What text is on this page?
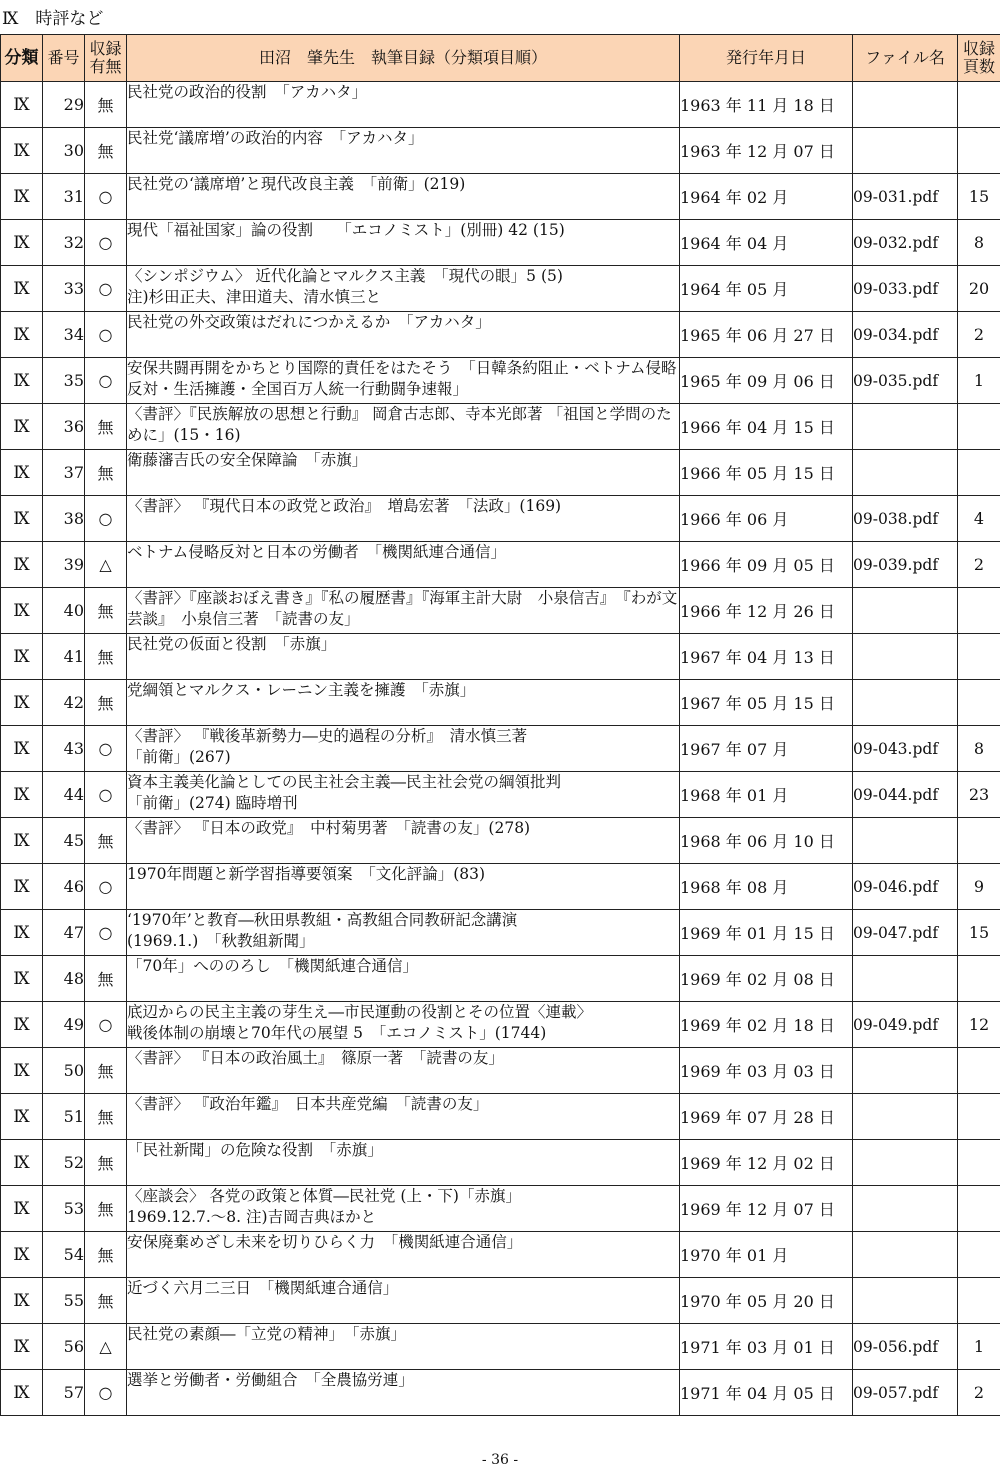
Ⅸ　時評など
分類	番号	収録有無	田沼　肇先生　執筆目録（分類項目順）	発行年月日	ファイル名	収録頁数
Ⅸ	29	無	民社党の政治的役割　「アカハタ」	1963 年 11 月 18 日		
Ⅸ	30	無	民社党‘議席増’の政治的内容　「アカハタ」	1963 年 12 月 07 日		
Ⅸ	31	○	民社党の‘議席増’と現代改良主義　「前衛」(219)	1964 年 02 月	09-031.pdf	15
Ⅸ	32	○	現代「福祉国家」論の役割　　「エコノミスト」(別冊) 42 (15)	1964 年 04 月	09-032.pdf	8
Ⅸ	33	○	〈シンポジウム〉 近代化論とマルクス主義　「現代の眼」5 (5)
注)杉田正夫、津田道夫、清水慎三と	1964 年 05 月	09-033.pdf	20
Ⅸ	34	○	民社党の外交政策はだれにつかえるか　「アカハタ」	1965 年 06 月 27 日	09-034.pdf	2
Ⅸ	35	○	安保共闘再開をかちとり国際的責任をはたそう　「日韓条約阻止・ベトナム侵略反対・生活擁護・全国百万人統一行動闘争速報」	1965 年 09 月 06 日	09-035.pdf	1
Ⅸ	36	無	〈書評〉『民族解放の思想と行動』 岡倉古志郎、寺本光郎著 「祖国と学問のために」(15・16)	1966 年 04 月 15 日		
Ⅸ	37	無	衛藤瀋吉氏の安全保障論　「赤旗」	1966 年 05 月 15 日		
Ⅸ	38	○	〈書評〉 『現代日本の政党と政治』　増島宏著　「法政」(169)	1966 年 06 月	09-038.pdf	4
Ⅸ	39	△	ベトナム侵略反対と日本の労働者　「機関紙連合通信」	1966 年 09 月 05 日	09-039.pdf	2
Ⅸ	40	無	〈書評〉『座談おぼえ書き』『私の履歴書』『海軍主計大尉　小泉信吉』　『わが文芸談』　小泉信三著　「読書の友」	1966 年 12 月 26 日		
Ⅸ	41	無	民社党の仮面と役割　「赤旗」	1967 年 04 月 13 日		
Ⅸ	42	無	党綱領とマルクス・レーニン主義を擁護　「赤旗」	1967 年 05 月 15 日		
Ⅸ	43	○	〈書評〉 『戦後革新勢力―史的過程の分析』　清水慎三著
「前衛」(267)	1967 年 07 月	09-043.pdf	8
Ⅸ	44	○	資本主義美化論としての民主社会主義―民主社会党の綱領批判
「前衛」(274) 臨時増刊	1968 年 01 月	09-044.pdf	23
Ⅸ	45	無	〈書評〉 『日本の政党』　中村菊男著　「読書の友」(278)	1968 年 06 月 10 日		
Ⅸ	46	○	1970年問題と新学習指導要領案　「文化評論」(83)	1968 年 08 月	09-046.pdf	9
Ⅸ	47	○	‘1970年’と教育―秋田県教組・高教組合同教研記念講演
(1969.1.)　「秋教組新聞」	1969 年 01 月 15 日	09-047.pdf	15
Ⅸ	48	無	「70年」へののろし　「機関紙連合通信」	1969 年 02 月 08 日		
Ⅸ	49	○	底辺からの民主主義の芽生え―市民運動の役割とその位置〈連載〉
戦後体制の崩壊と70年代の展望 5　「エコノミスト」(1744)	1969 年 02 月 18 日	09-049.pdf	12
Ⅸ	50	無	〈書評〉 『日本の政治風土』　篠原一著　「読書の友」	1969 年 03 月 03 日		
Ⅸ	51	無	〈書評〉 『政治年鑑』　日本共産党編　「読書の友」	1969 年 07 月 28 日		
Ⅸ	52	無	「民社新聞」の危険な役割　「赤旗」	1969 年 12 月 02 日		
Ⅸ	53	無	〈座談会〉 各党の政策と体質―民社党 (上・下)「赤旗」
1969.12.7.～8. 注)吉岡吉典ほかと	1969 年 12 月 07 日		
Ⅸ	54	無	安保廃棄めざし未来を切りひらく力　「機関紙連合通信」	1970 年 01 月		
Ⅸ	55	無	近づく六月二三日　「機関紙連合通信」	1970 年 05 月 20 日		
Ⅸ	56	△	民社党の素顔―「立党の精神」　「赤旗」	1971 年 03 月 01 日	09-056.pdf	1
Ⅸ	57	○	選挙と労働者・労働組合　「全農協労連」	1971 年 04 月 05 日	09-057.pdf	2
- 36 -
